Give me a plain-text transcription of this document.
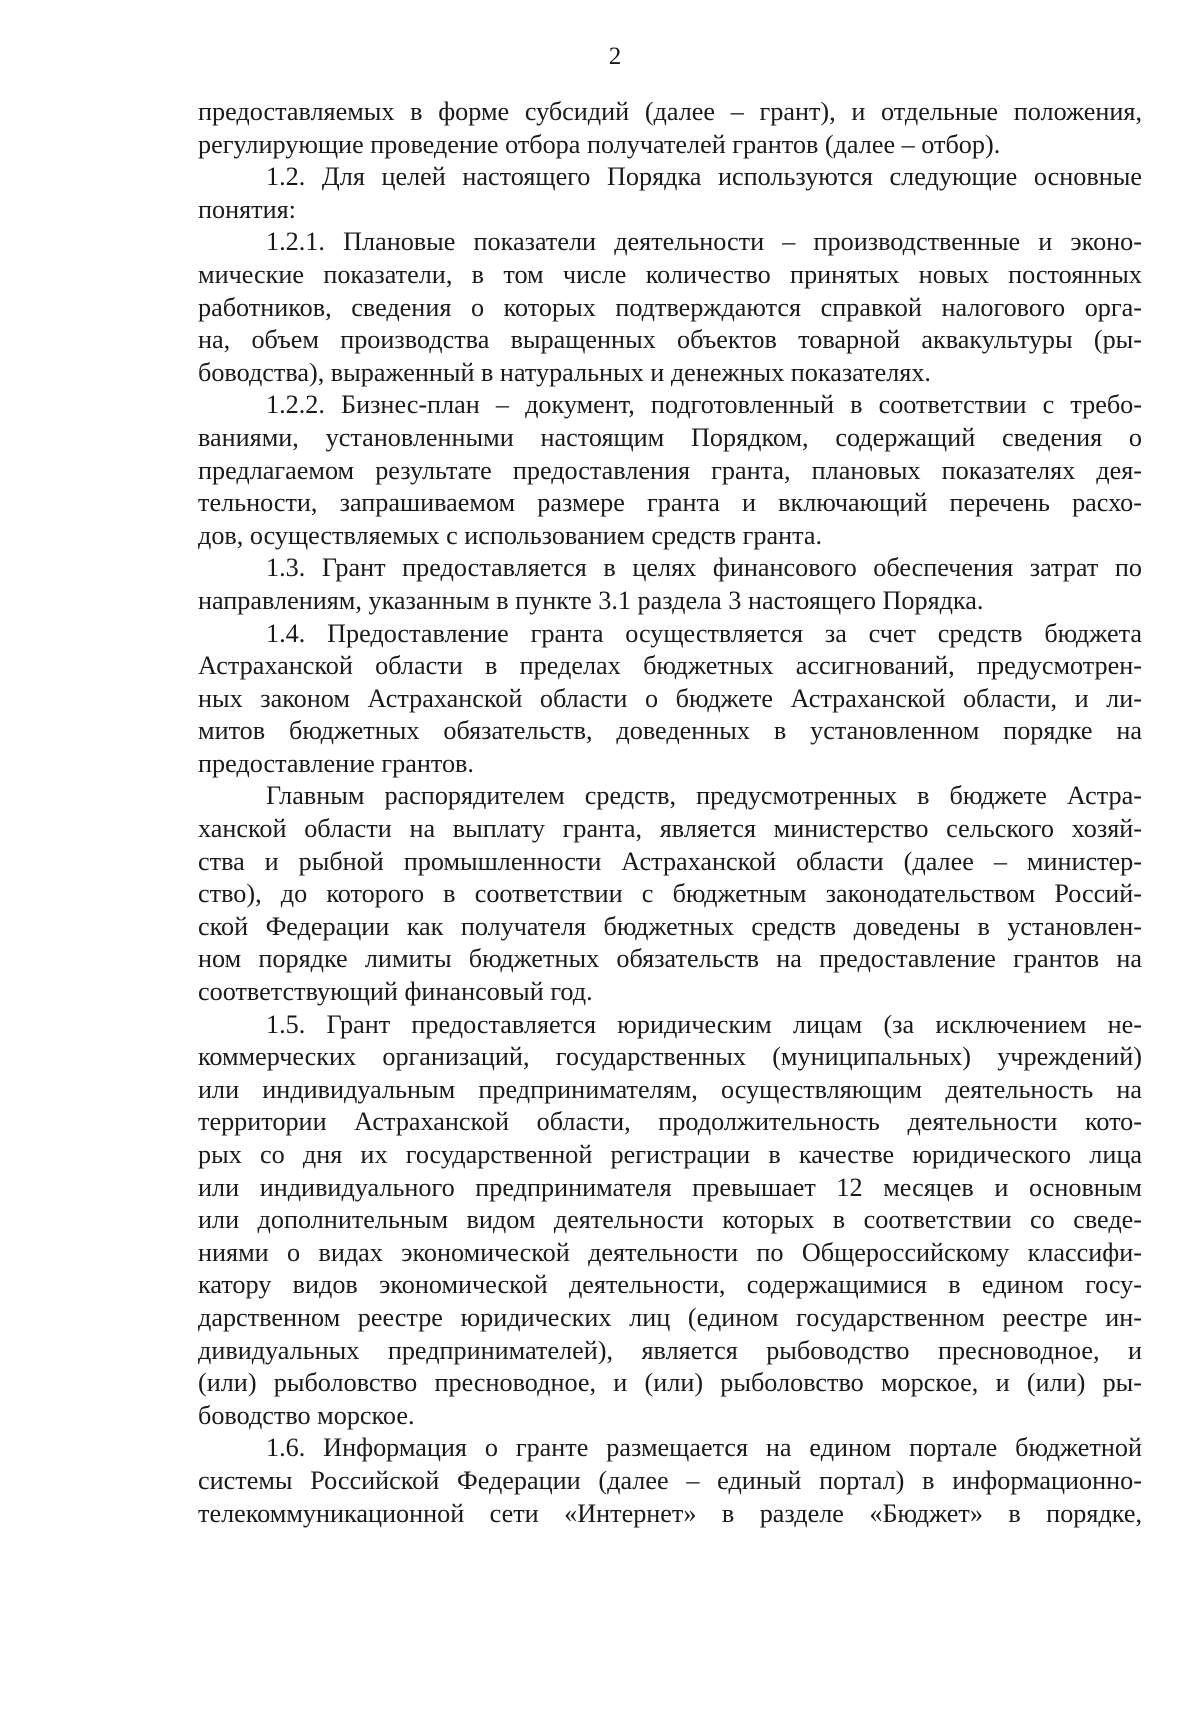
2

предоставляемых в форме субсидий (далее – грант), и отдельные положения,
регулирующие проведение отбора получателей грантов (далее – отбор).

1.2. Для целей настоящего Порядка используются следующие основные
понятия:

1.2.1. Плановые показатели деятельности – производственные и эконо-
мические показатели, в том числе количество принятых новых постоянных
работников, сведения о которых подтверждаются справкой налогового орга-
на, объем производства выращенных объектов товарной аквакультуры (ры-
боводства), выраженный в натуральных и денежных показателях.

1.2.2. Бизнес-план – документ, подготовленный в соответствии с требо-
ваниями, установленными настоящим Порядком, содержащий сведения о
предлагаемом результате предоставления гранта, плановых показателях дея-
тельности, запрашиваемом размере гранта и включающий перечень расхо-
дов, осуществляемых с использованием средств гранта.

1.3. Грант предоставляется в целях финансового обеспечения затрат по
направлениям, указанным в пункте 3.1 раздела 3 настоящего Порядка.

1.4. Предоставление гранта осуществляется за счет средств бюджета
Астраханской области в пределах бюджетных ассигнований, предусмотрен-
ных законом Астраханской области о бюджете Астраханской области, и ли-
митов бюджетных обязательств, доведенных в установленном порядке на
предоставление грантов.

Главным распорядителем средств, предусмотренных в бюджете Астра-
ханской области на выплату гранта, является министерство сельского хозяй-
ства и рыбной промышленности Астраханской области (далее – министер-
ство), до которого в соответствии с бюджетным законодательством Россий-
ской Федерации как получателя бюджетных средств доведены в установлен-
ном порядке лимиты бюджетных обязательств на предоставление грантов на
соответствующий финансовый год.

1.5. Грант предоставляется юридическим лицам (за исключением не-
коммерческих организаций, государственных (муниципальных) учреждений)
или индивидуальным предпринимателям, осуществляющим деятельность на
территории Астраханской области, продолжительность деятельности кото-
рых со дня их государственной регистрации в качестве юридического лица
или индивидуального предпринимателя превышает 12 месяцев и основным
или дополнительным видом деятельности которых в соответствии со сведе-
ниями о видах экономической деятельности по Общероссийскому классифи-
катору видов экономической деятельности, содержащимися в едином госу-
дарственном реестре юридических лиц (едином государственном реестре ин-
дивидуальных предпринимателей), является рыбоводство пресноводное, и
(или) рыболовство пресноводное, и (или) рыболовство морское, и (или) ры-
боводство морское.

1.6. Информация о гранте размещается на едином портале бюджетной
системы Российской Федерации (далее – единый портал) в информационно-
телекоммуникационной сети «Интернет» в разделе «Бюджет» в порядке,
